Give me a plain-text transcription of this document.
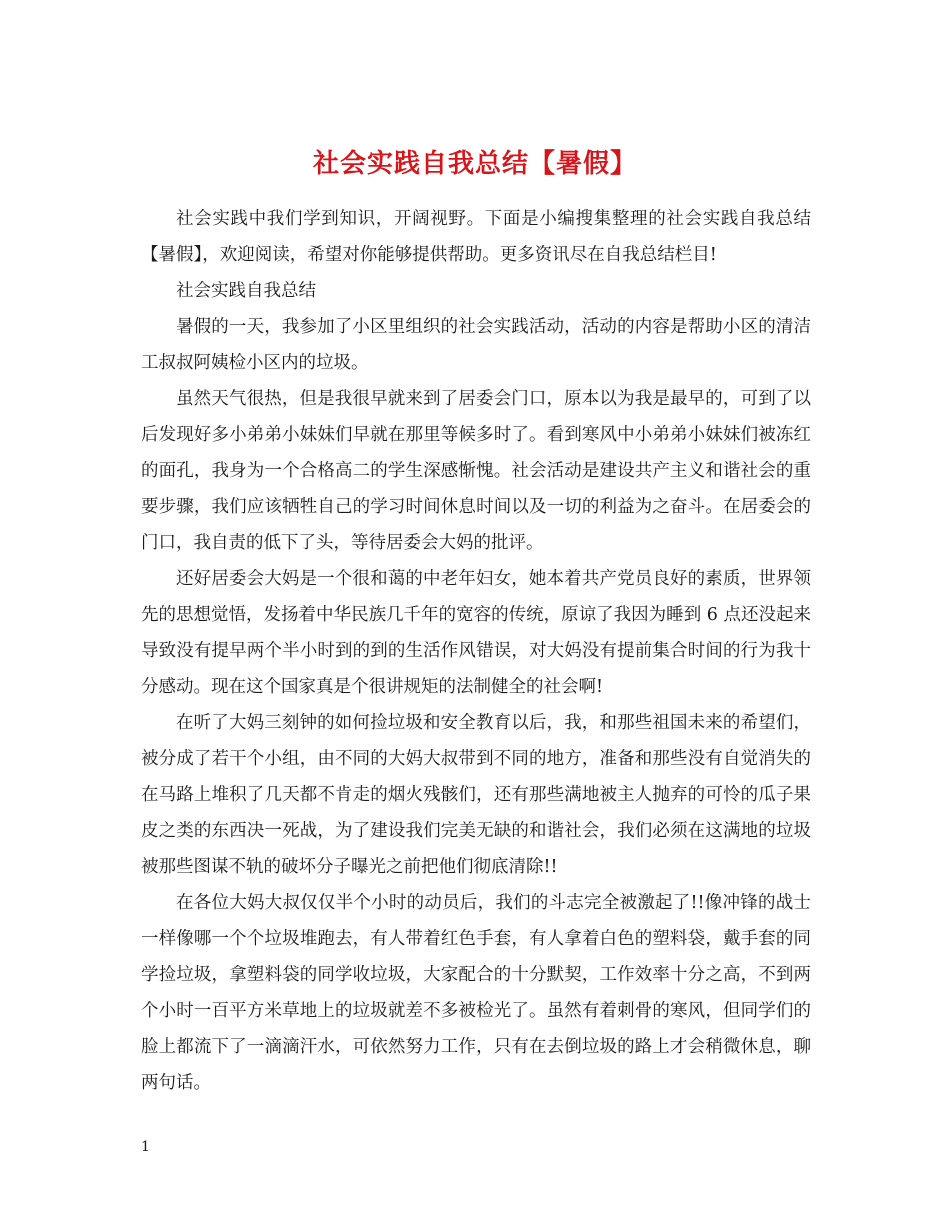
社会实践自我总结【暑假】

社会实践中我们学到知识，开阔视野。下面是小编搜集整理的社会实践自我总结【暑假】，欢迎阅读，希望对你能够提供帮助。更多资讯尽在自我总结栏目!

社会实践自我总结

暑假的一天，我参加了小区里组织的社会实践活动，活动的内容是帮助小区的清洁工叔叔阿姨检小区内的垃圾。

虽然天气很热，但是我很早就来到了居委会门口，原本以为我是最早的，可到了以后发现好多小弟弟小妹妹们早就在那里等候多时了。看到寒风中小弟弟小妹妹们被冻红的面孔，我身为一个合格高二的学生深感惭愧。社会活动是建设共产主义和谐社会的重要步骤，我们应该牺牲自己的学习时间休息时间以及一切的利益为之奋斗。在居委会的门口，我自责的低下了头，等待居委会大妈的批评。

还好居委会大妈是一个很和蔼的中老年妇女，她本着共产党员良好的素质，世界领先的思想觉悟，发扬着中华民族几千年的宽容的传统，原谅了我因为睡到 6 点还没起来导致没有提早两个半小时到的到的生活作风错误，对大妈没有提前集合时间的行为我十分感动。现在这个国家真是个很讲规矩的法制健全的社会啊!

在听了大妈三刻钟的如何捡垃圾和安全教育以后，我，和那些祖国未来的希望们，被分成了若干个小组，由不同的大妈大叔带到不同的地方，准备和那些没有自觉消失的在马路上堆积了几天都不肯走的烟火残骸们，还有那些满地被主人抛弃的可怜的瓜子果皮之类的东西决一死战，为了建设我们完美无缺的和谐社会，我们必须在这满地的垃圾被那些图谋不轨的破坏分子曝光之前把他们彻底清除!!

在各位大妈大叔仅仅半个小时的动员后，我们的斗志完全被激起了!!像冲锋的战士一样像哪一个个垃圾堆跑去，有人带着红色手套，有人拿着白色的塑料袋，戴手套的同学捡垃圾，拿塑料袋的同学收垃圾，大家配合的十分默契，工作效率十分之高，不到两个小时一百平方米草地上的垃圾就差不多被检光了。虽然有着刺骨的寒风，但同学们的脸上都流下了一滴滴汗水，可依然努力工作，只有在去倒垃圾的路上才会稍微休息，聊两句话。

1
